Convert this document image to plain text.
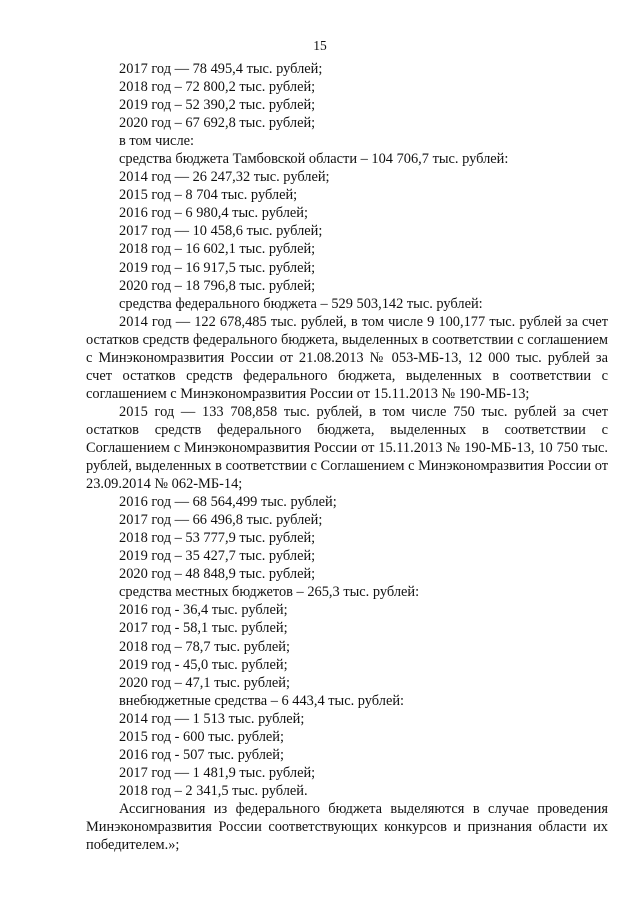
15

2017 год — 78 495,4 тыс. рублей;

2018 год – 72 800,2 тыс. рублей;

2019 год – 52 390,2 тыс. рублей;

2020 год – 67 692,8 тыс. рублей;

в том числе:

средства бюджета Тамбовской области – 104 706,7 тыс. рублей:

2014 год — 26 247,32 тыс. рублей;

2015 год – 8 704 тыс. рублей;

2016 год – 6 980,4 тыс. рублей;

2017 год — 10 458,6 тыс. рублей;

2018 год – 16 602,1 тыс. рублей;

2019 год – 16 917,5 тыс. рублей;

2020 год – 18 796,8 тыс. рублей;

средства федерального бюджета – 529 503,142 тыс. рублей:

2014 год — 122 678,485 тыс. рублей, в том числе 9 100,177 тыс. рублей за счет остатков средств федерального бюджета, выделенных в соответствии с соглашением с Минэкономразвития России от 21.08.2013 № 053-МБ-13, 12 000 тыс. рублей за счет остатков средств федерального бюджета, выделенных в соответствии с соглашением с Минэкономразвития России от 15.11.2013 № 190-МБ-13;

2015 год — 133 708,858 тыс. рублей, в том числе 750 тыс. рублей за счет остатков средств федерального бюджета, выделенных в соответствии с Соглашением с Минэкономразвития России от 15.11.2013 № 190-МБ-13, 10 750 тыс. рублей, выделенных в соответствии с Соглашением с Минэкономразвития России от 23.09.2014 № 062-МБ-14;

2016 год — 68 564,499 тыс. рублей;

2017 год — 66 496,8 тыс. рублей;

2018 год – 53 777,9 тыс. рублей;

2019 год – 35 427,7 тыс. рублей;

2020 год – 48 848,9 тыс. рублей;

средства местных бюджетов – 265,3 тыс. рублей:

2016 год - 36,4 тыс. рублей;

2017 год - 58,1 тыс. рублей;

2018 год – 78,7 тыс. рублей;

2019 год - 45,0 тыс. рублей;

2020 год – 47,1 тыс. рублей;

внебюджетные средства – 6 443,4 тыс. рублей:

2014 год — 1 513 тыс. рублей;

2015 год - 600 тыс. рублей;

2016 год - 507 тыс. рублей;

2017 год — 1 481,9 тыс. рублей;

2018 год – 2 341,5 тыс. рублей.

Ассигнования из федерального бюджета выделяются в случае проведения Минэкономразвития России соответствующих конкурсов и признания области их победителем.»;
